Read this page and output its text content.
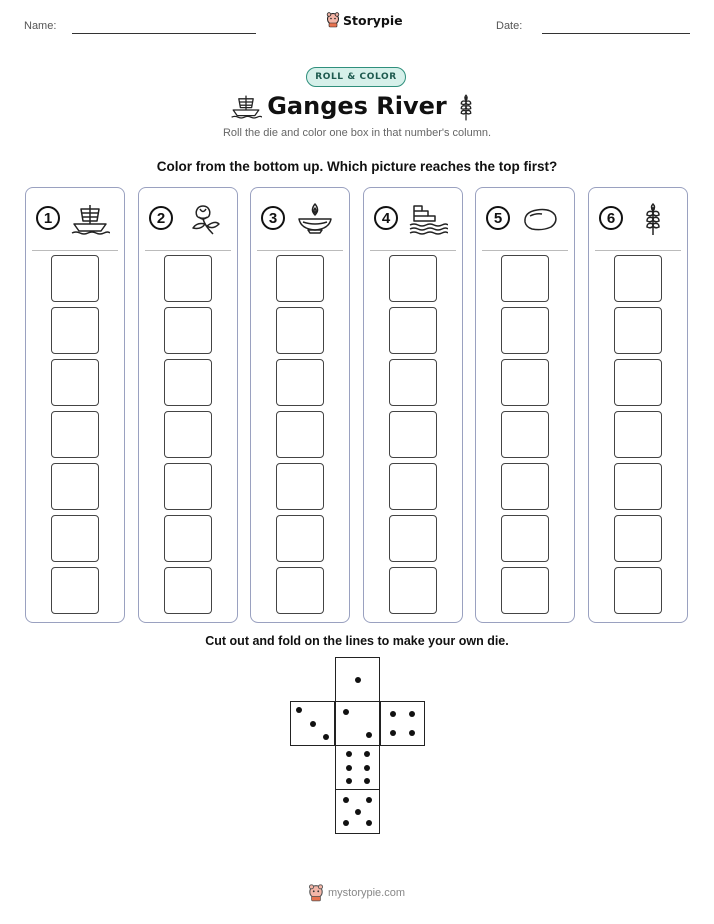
Name:	Date:
Storypie
ROLL & COLOR
Ganges River
Roll the die and color one box in that number's column.
Color from the bottom up. Which picture reaches the top first?
1	2	3	4	5	6
Cut out and fold on the lines to make your own die.
mystorypie.com
